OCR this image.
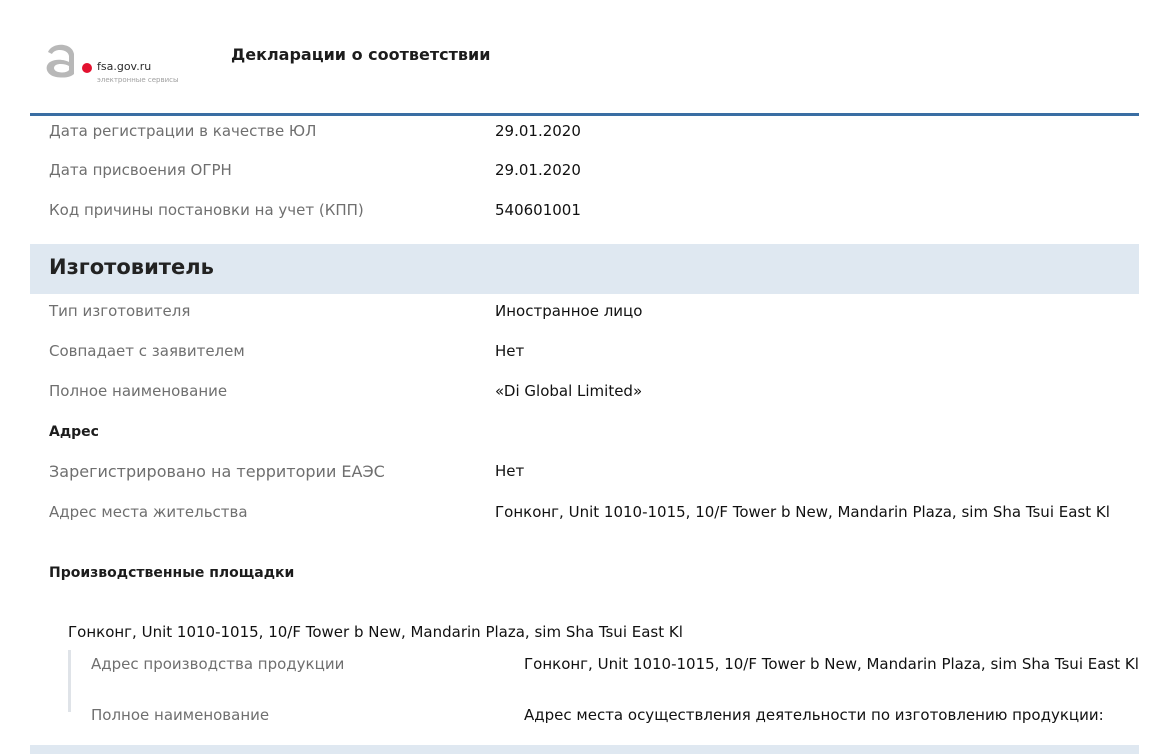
fsa.gov.ru
электронные сервисы
Декларации о соответствии
Дата регистрации в качестве ЮЛ	29.01.2020
Дата присвоения ОГРН	29.01.2020
Код причины постановки на учет (КПП)	540601001
Изготовитель
Тип изготовителя	Иностранное лицо
Совпадает с заявителем	Нет
Полное наименование	«Di Global Limited»
Адрес
Зарегистрировано на территории ЕАЭС	Нет
Адрес места жительства	Гонконг, Unit 1010-1015, 10/F Tower b New, Mandarin Plaza, sim Sha Tsui East Kl
Производственные площадки
Гонконг, Unit 1010-1015, 10/F Tower b New, Mandarin Plaza, sim Sha Tsui East Kl
Адрес производства продукции	Гонконг, Unit 1010-1015, 10/F Tower b New, Mandarin Plaza, sim Sha Tsui East Kl
Полное наименование	Адрес места осуществления деятельности по изготовлению продукции:
